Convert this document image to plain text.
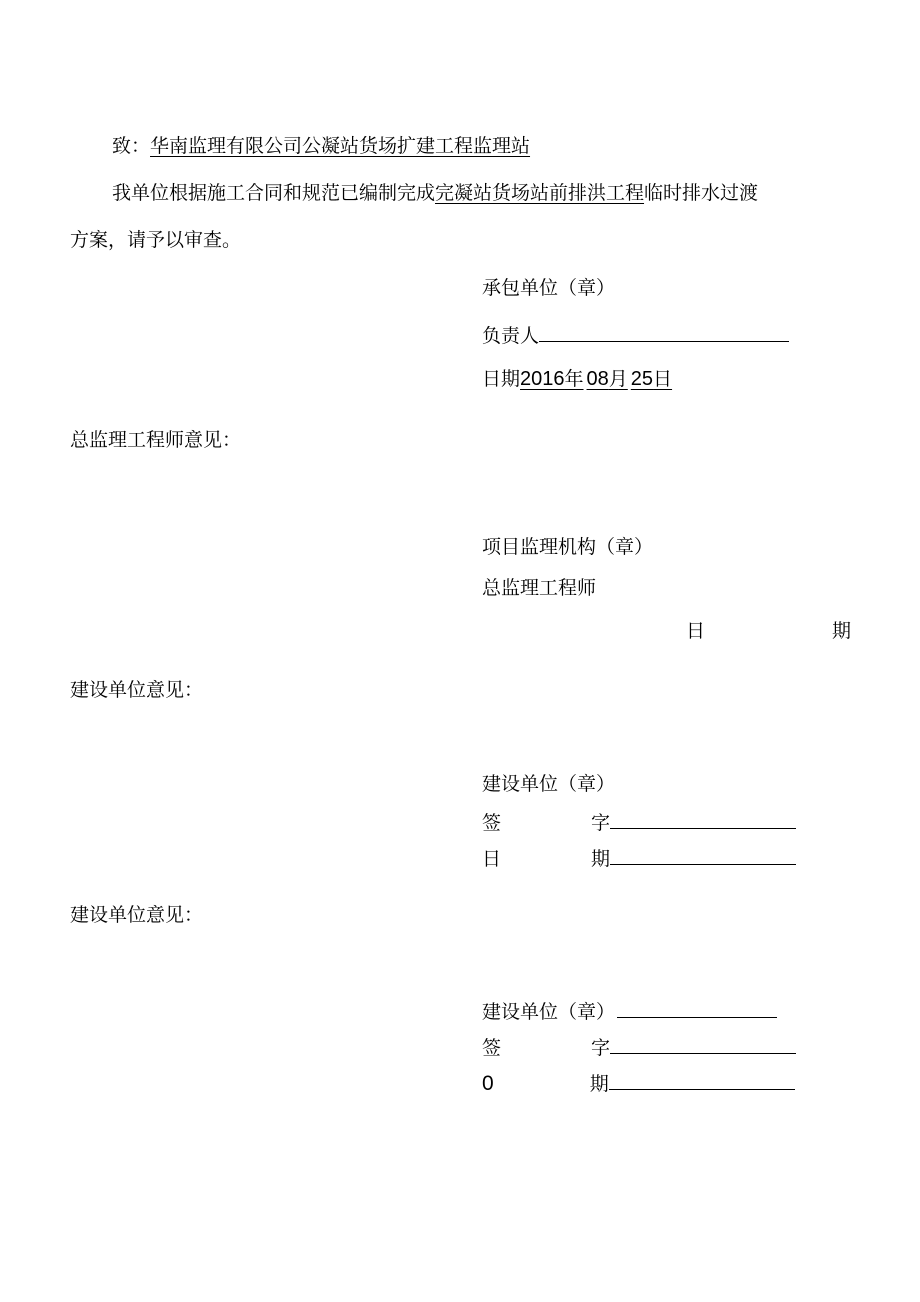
致：华南监理有限公司公凝站货场扩建工程监理站
我单位根据施工合同和规范已编制完成完凝站货场站前排洪工程临时排水过渡
方案，请予以审查。
承包单位（章）
负责人
日期2016年 08月 25日
总监理工程师意见：
项目监理机构（章）
总监理工程师
日	期
建设单位意见：
建设单位（章）
签	字
日	期
建设单位意见：
建设单位（章）
签	字
0	期
